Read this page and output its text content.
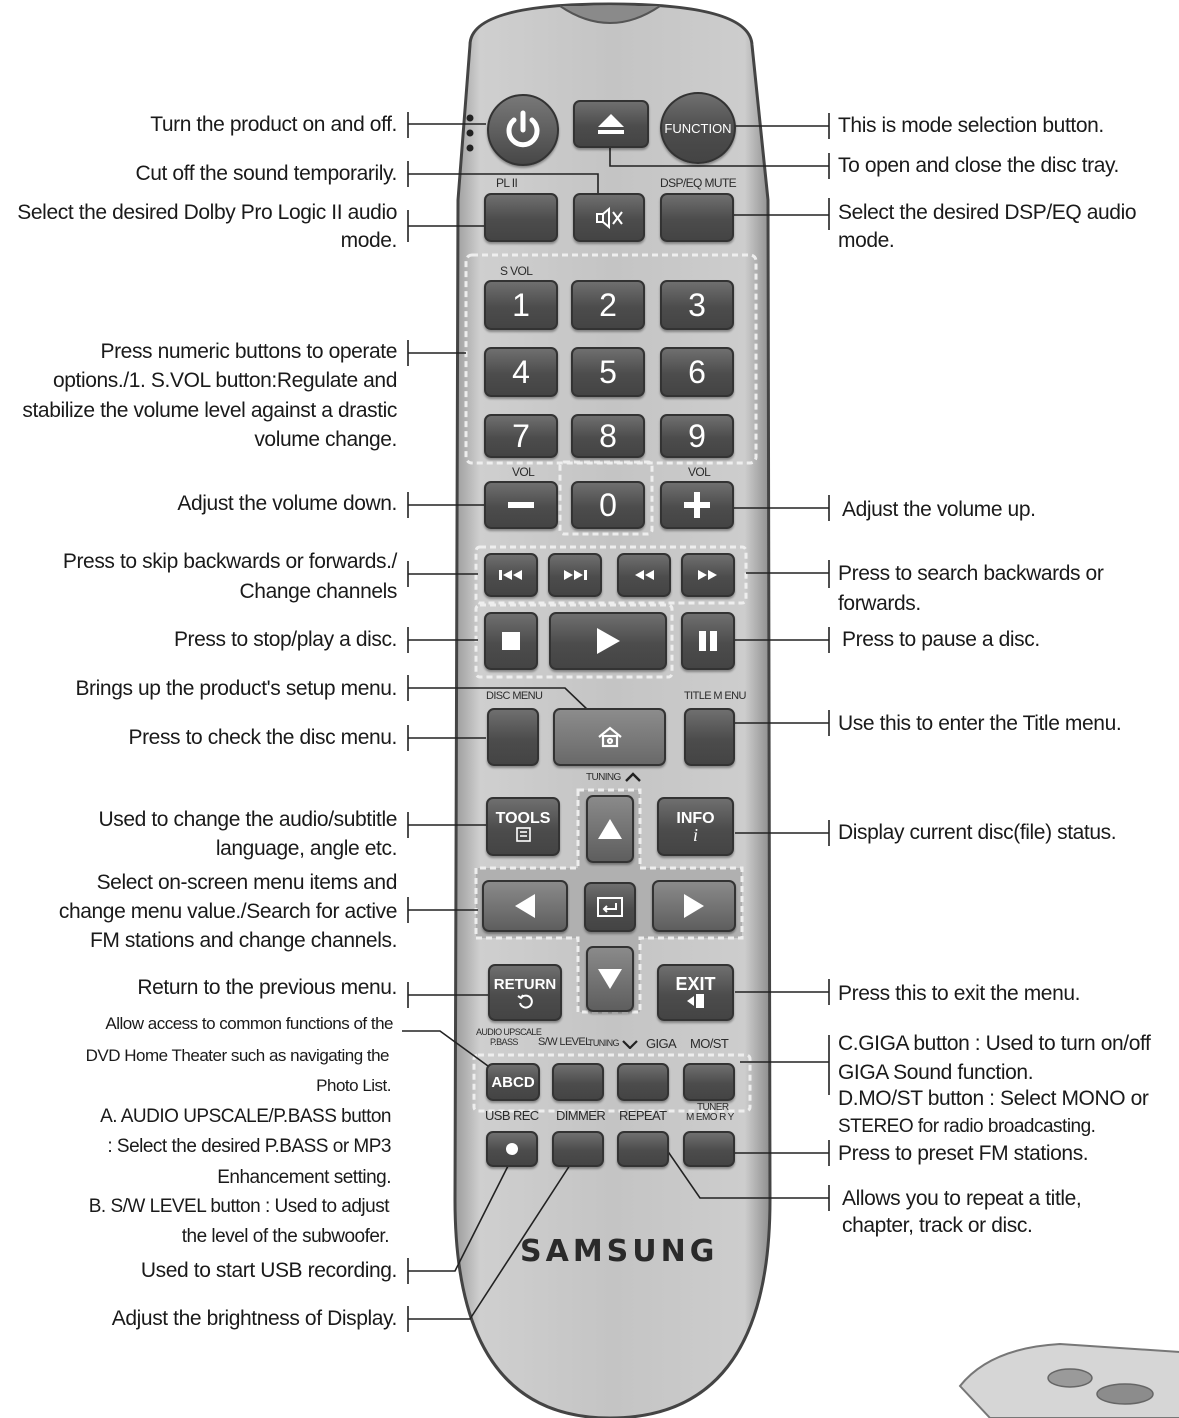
FUNCTION
PL II	DSP/EQ MUTE
S VOL
1 2 3
4 5 6
7 8 9
VOL	VOL
0
DISC MENU	TITLE M ENU
TUNING
TOOLS	INFO
i
RETURN	EXIT
AUDIO UPSCALE
P.BASS S/W LEVEL
TUNING GIGA MO/ST
ABCD
USB REC DIMMER REPEAT
TUNER
M EMO R Y
SAMSUNG
Turn the product on and off.
Cut off the sound temporarily.
Select the desired Dolby Pro Logic II audio
mode.
Press numeric buttons to operate
options./1. S.VOL button:Regulate and
stabilize the volume level against a drastic
volume change.
Adjust the volume down.
Press to skip backwards or forwards./
Change channels
Press to stop/play a disc.
Brings up the product's setup menu.
Press to check the disc menu.
Used to change the audio/subtitle
language, angle etc.
Select on-screen menu items and
change menu value./Search for active
FM stations and change channels.
Return to the previous menu.
Allow access to common functions of the
DVD Home Theater such as navigating the
Photo List.
A. AUDIO UPSCALE/P.BASS button
: Select the desired P.BASS or MP3
Enhancement setting.
B. S/W LEVEL button : Used to adjust
the level of the subwoofer.
Used to start USB recording.
Adjust the brightness of Display.
This is mode selection button.
To open and close the disc tray.
Select the desired DSP/EQ audio
mode.
Adjust the volume up.
Press to search backwards or
forwards.
Press to pause a disc.
Use this to enter the Title menu.
Display current disc(file) status.
Press this to exit the menu.
C.GIGA button : Used to turn on/off
GIGA Sound function.
D.MO/ST button : Select MONO or
STEREO for radio broadcasting.
Press to preset FM stations.
Allows you to repeat a title,
chapter, track or disc.
